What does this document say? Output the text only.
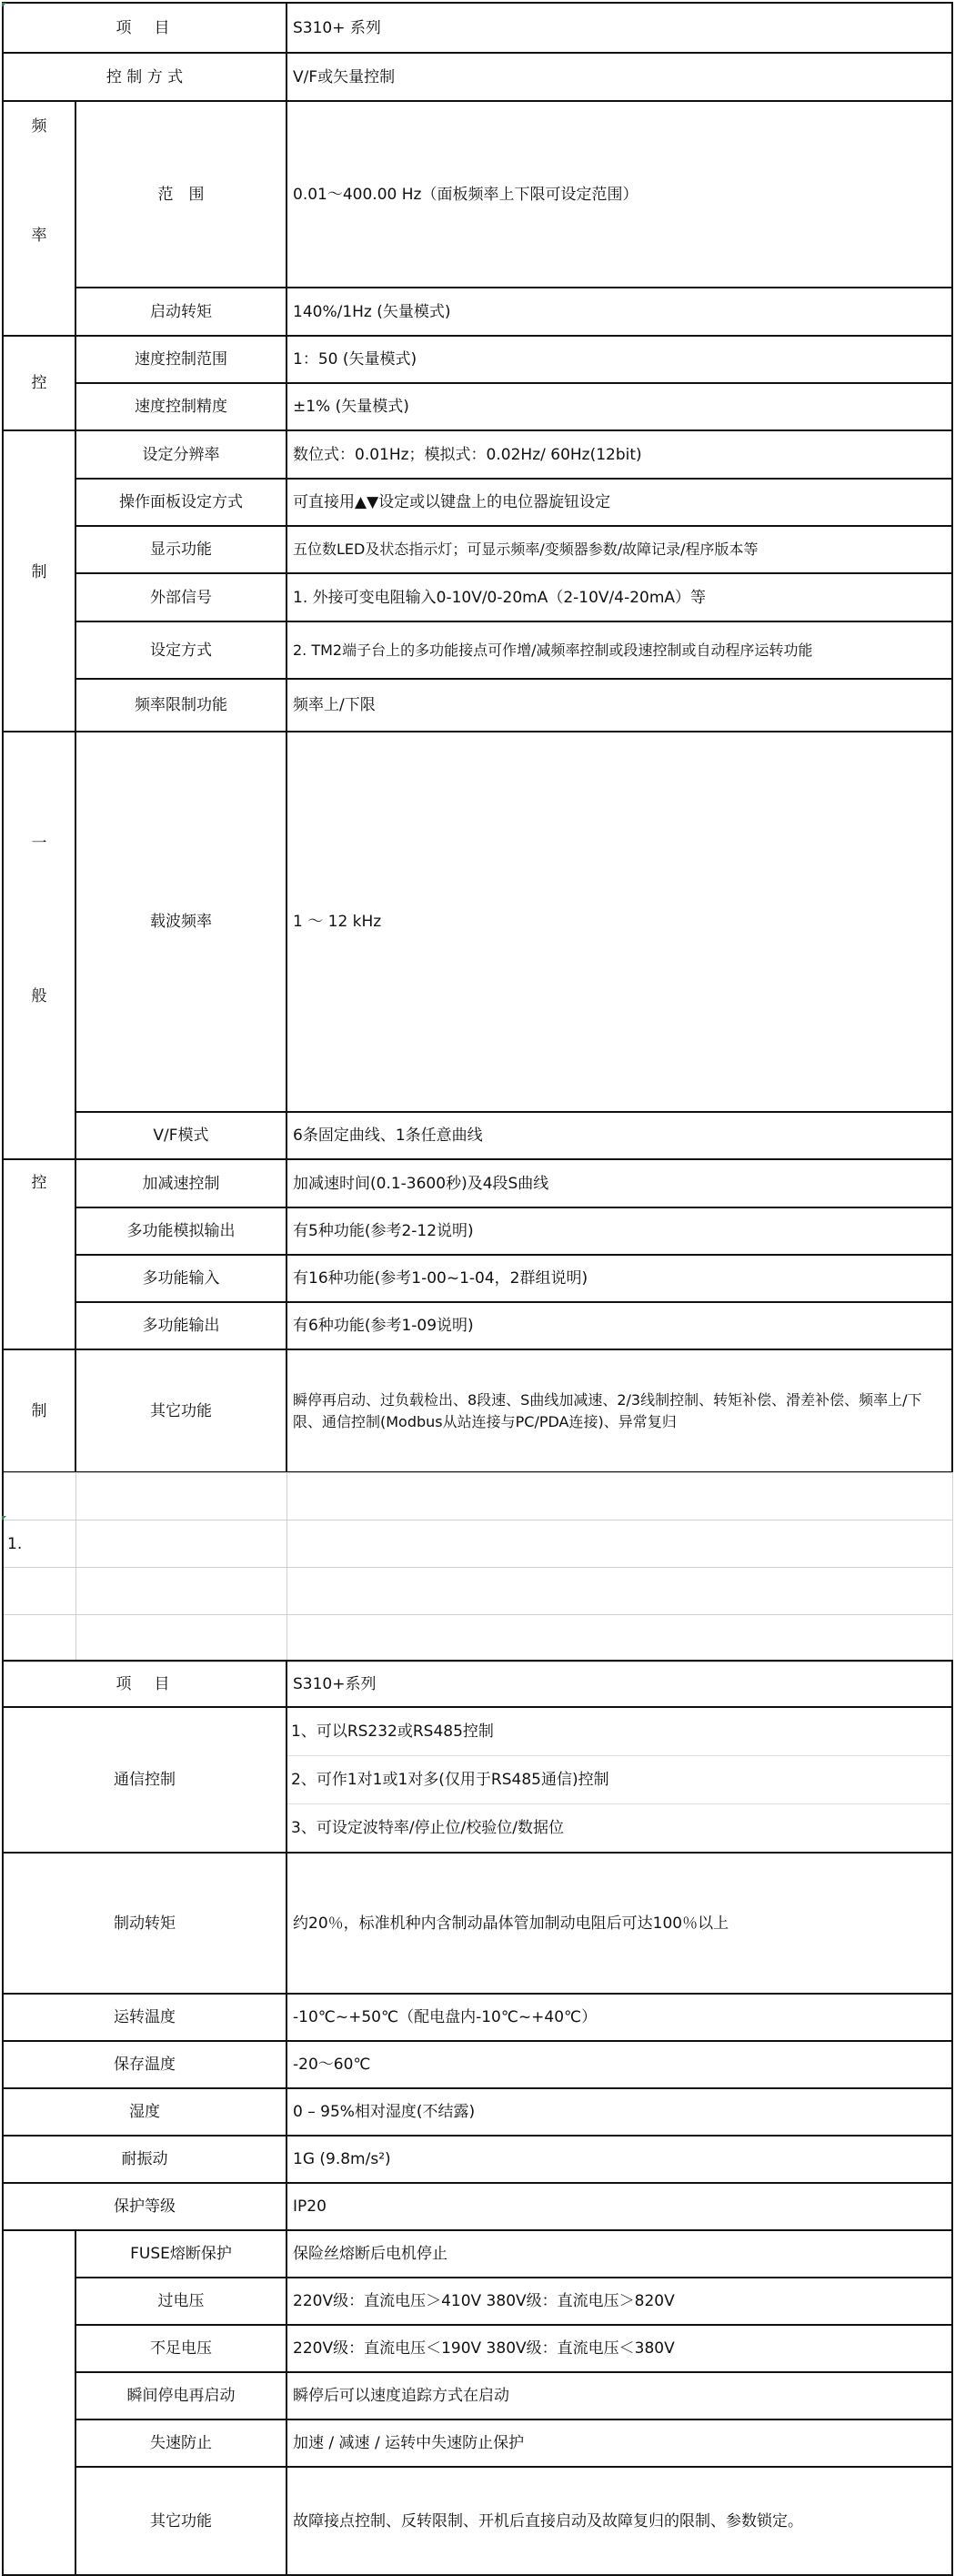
项　目		S310+ 系列
控 制 方 式		V/F或矢量控制
频

率	范　围	0.01～400.00 Hz（面板频率上下限可设定范围）
	启动转矩	140%/1Hz (矢量模式)
控	速度控制范围	1：50 (矢量模式)
	速度控制精度	±1% (矢量模式)
制	设定分辨率	数位式：0.01Hz；模拟式：0.02Hz/ 60Hz(12bit)
	操作面板设定方式	可直接用▲▼设定或以键盘上的电位器旋钮设定
	显示功能	五位数LED及状态指示灯；可显示频率/变频器参数/故障记录/程序版本等
	外部信号	1. 外接可变电阻输入0-10V/0-20mA（2-10V/4-20mA）等
	设定方式	2. TM2端子台上的多功能接点可作增/减频率控制或段速控制或自动程序运转功能
	频率限制功能	频率上/下限
一

般	载波频率	1 ～ 12 kHz
	V/F模式	6条固定曲线、1条任意曲线
控	加减速控制	加减速时间(0.1-3600秒)及4段S曲线
	多功能模拟输出	有5种功能(参考2-12说明)
	多功能输入	有16种功能(参考1-00~1-04，2群组说明)
	多功能输出	有6种功能(参考1-09说明)
制	其它功能	瞬停再启动、过负载检出、8段速、S曲线加减速、2/3线制控制、转矩补偿、滑差补偿、频率上/下限、通信控制(Modbus从站连接与PC/PDA连接)、异常复归

1.		

项　目		S310+系列
通信控制		1、可以RS232或RS485控制
2、可作1对1或1对多(仅用于RS485通信)控制
3、可设定波特率/停止位/校验位/数据位

制动转矩		约20％，标准机种内含制动晶体管加制动电阻后可达100％以上
运转温度		-10℃~+50℃（配电盘内-10℃~+40℃）
保存温度		-20～60℃
湿度		0 – 95%相对湿度(不结露)
耐振动		1G (9.8m/s²)
保护等级		IP20
	FUSE熔断保护	保险丝熔断后电机停止
	过电压	220V级：直流电压＞410V 380V级：直流电压＞820V
	不足电压	220V级：直流电压＜190V 380V级：直流电压＜380V
	瞬间停电再启动	瞬停后可以速度追踪方式在启动
	失速防止	加速 / 减速 / 运转中失速防止保护
	其它功能	故障接点控制、反转限制、开机后直接启动及故障复归的限制、参数锁定。
